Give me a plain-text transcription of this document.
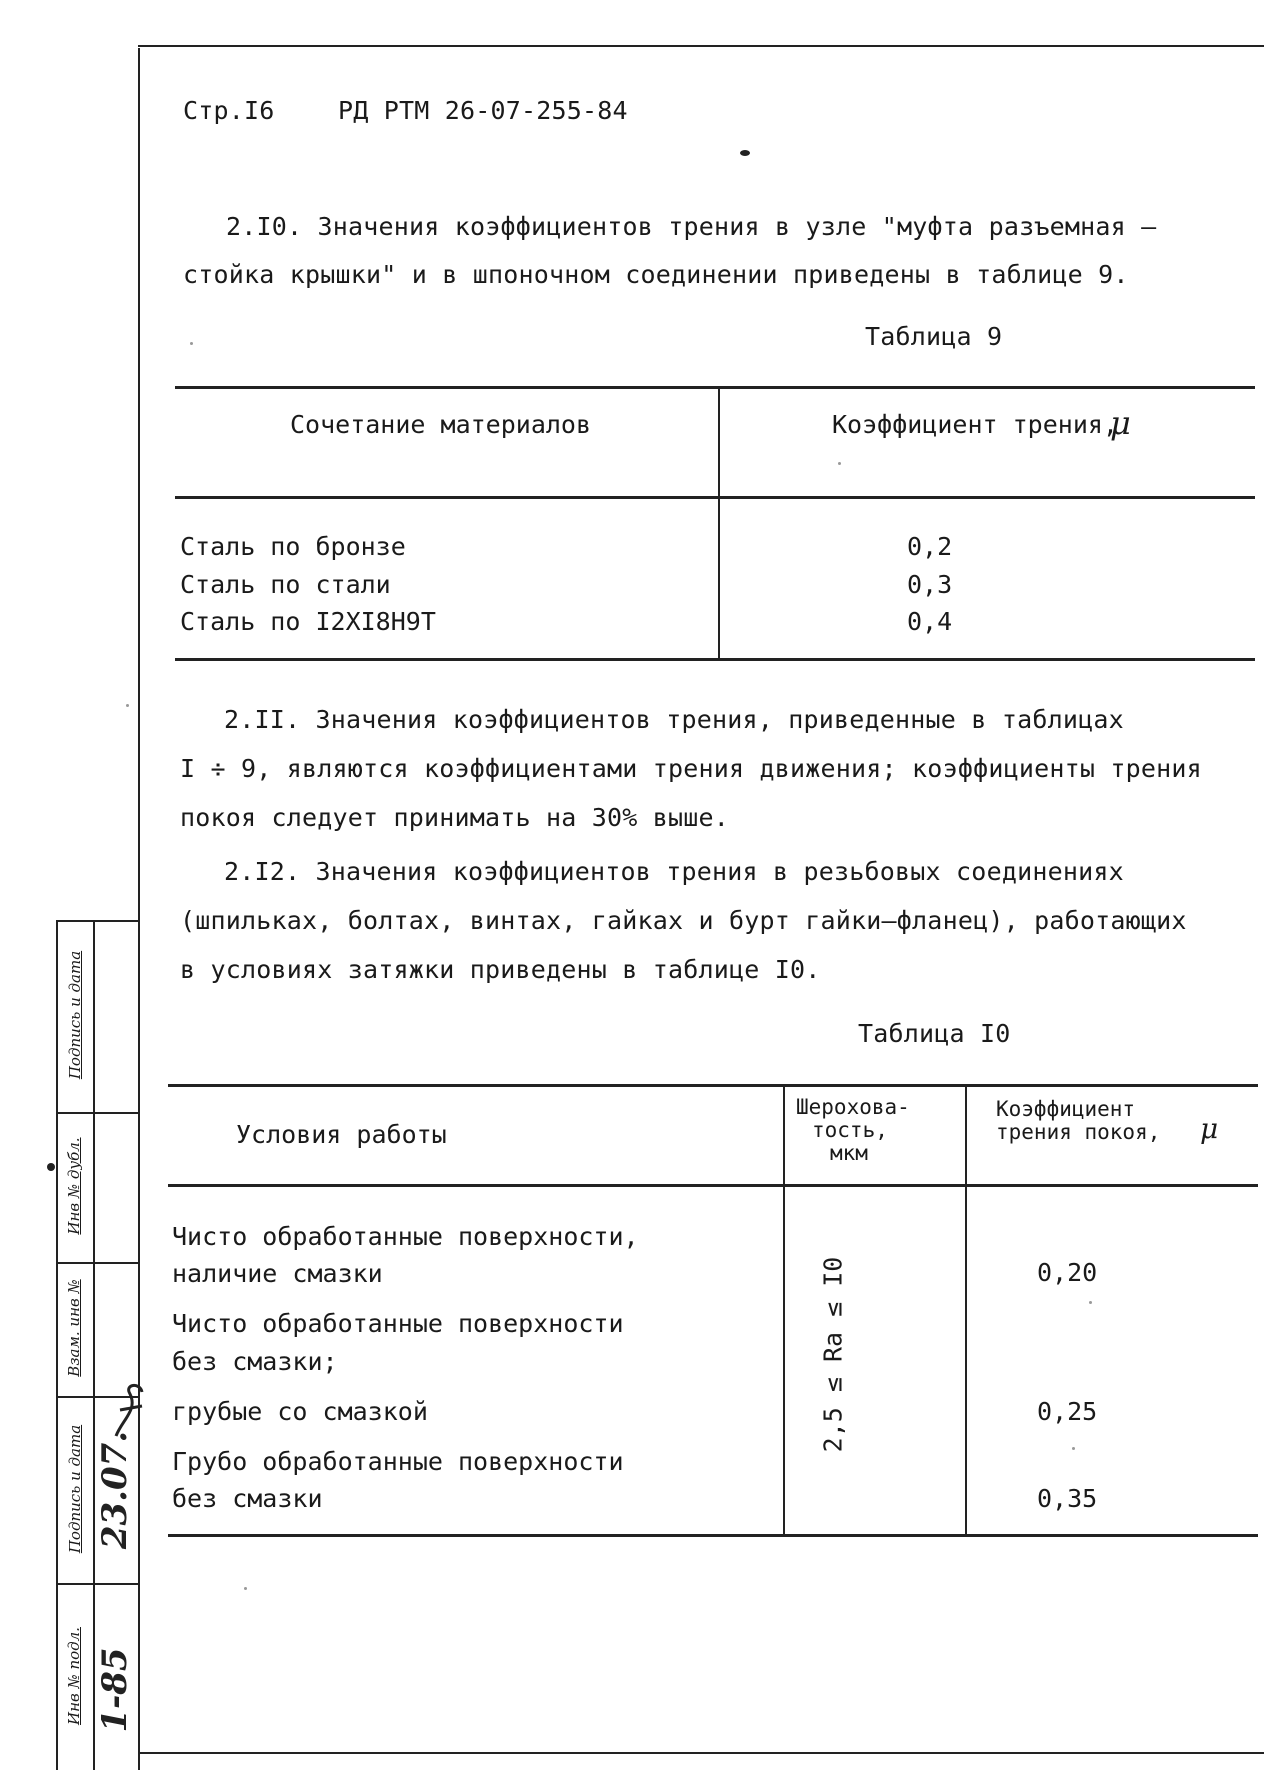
Стр.I6	РД РТМ 26-07-255-84
2.I0. Значения коэффициентов трения в узле "муфта разъемная –
стойка крышки" и в шпоночном соединении приведены в таблице 9.
Таблица 9
Сочетание материалов	Коэффициент трения,
μ
Сталь по бронзе
Сталь по стали
Сталь по I2XI8H9T
0,2
0,3
0,4
2.II. Значения коэффициентов трения, приведенные в таблицах
I ÷ 9, являются коэффициентами трения движения; коэффициенты трения
покоя следует принимать на 30% выше.
2.I2. Значения коэффициентов трения в резьбовых соединениях
(шпильках, болтах, винтах, гайках и бурт гайки–фланец), работающих
в условиях затяжки приведены в таблице I0.
Таблица I0
Условия работы
Шерохова-
тость,
мкм
Коэффициент
трения покоя, μ
Чисто обработанные поверхности,
наличие смазки
Чисто обработанные поверхности
без смазки;
грубые со смазкой
Грубо обработанные поверхности
без смазки
0,20
0,25
0,35
2,5 ≤ Ra ≤ I0
Подпись и дата
Инв № дубл.
Взам. инв №
Подпись и дата
Инв № подл.
23.07.
1-85
